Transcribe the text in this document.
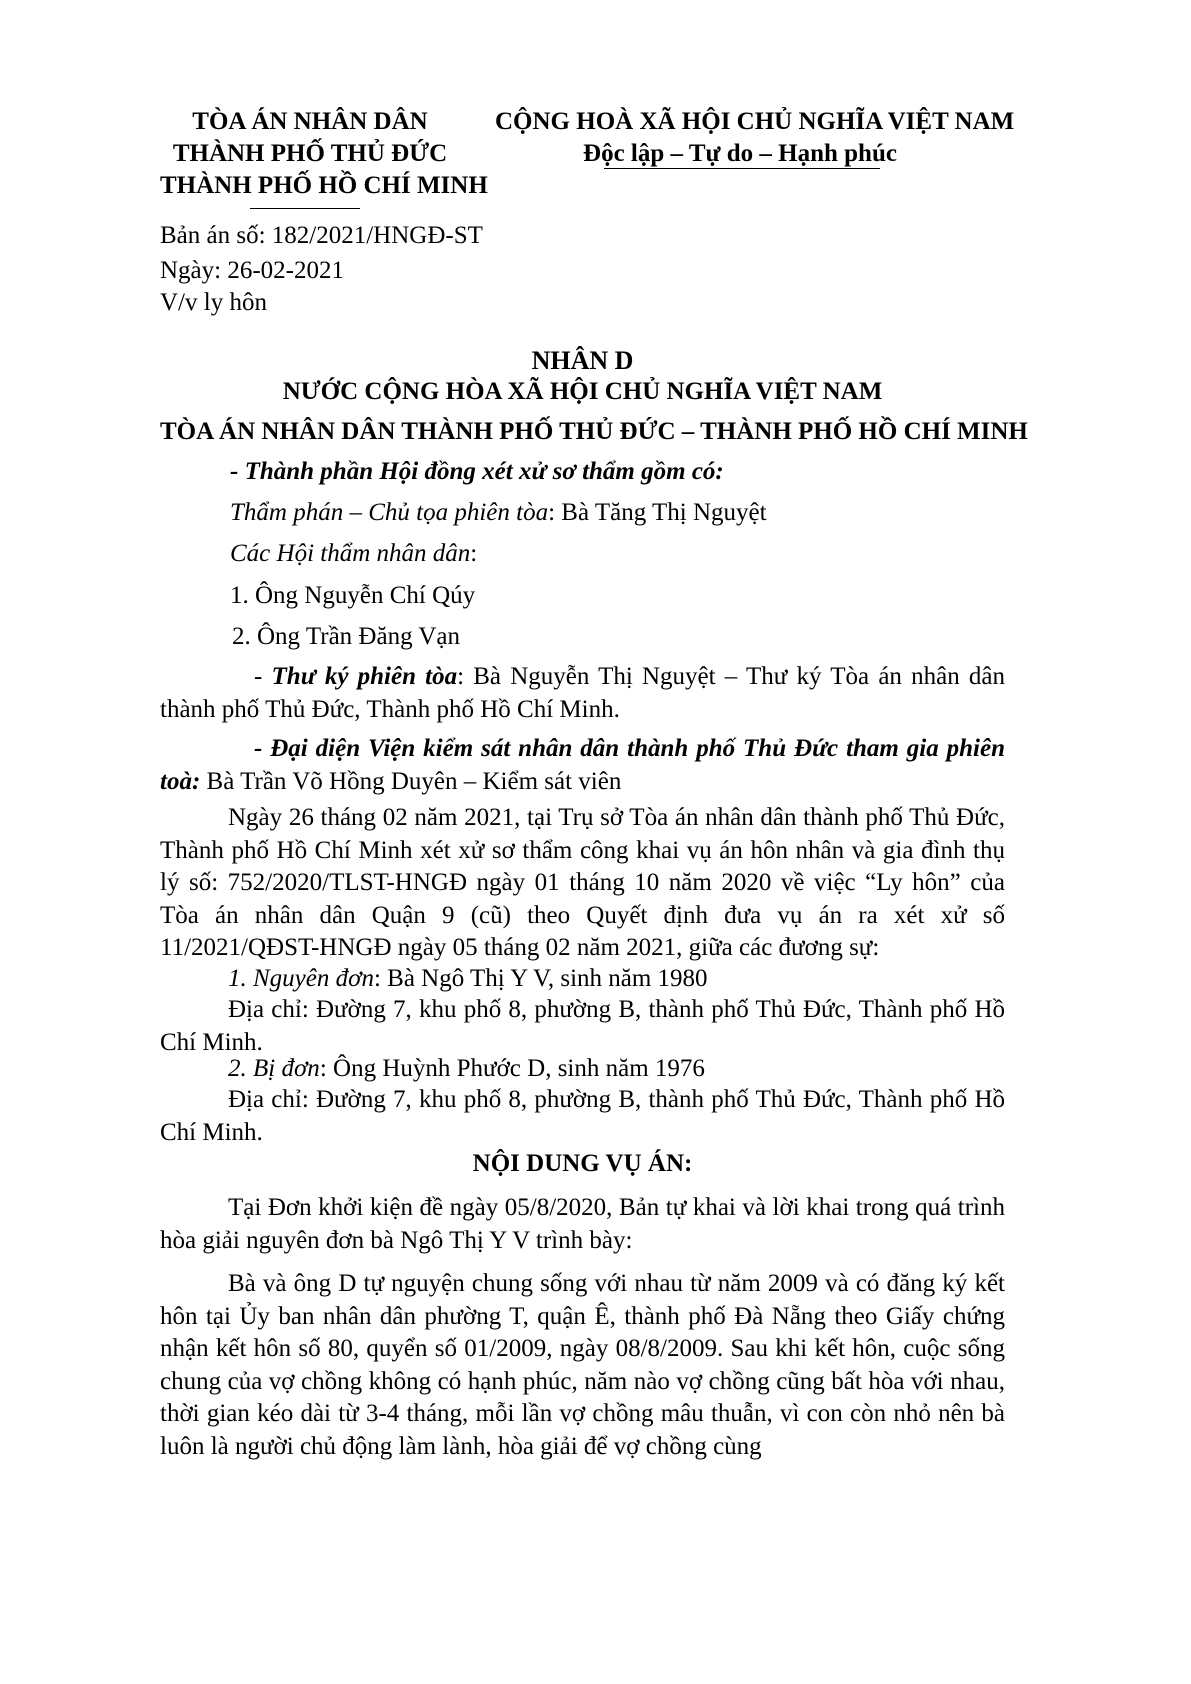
TÒA ÁN NHÂN DÂN
THÀNH PHỐ THỦ ĐỨC
THÀNH PHỐ HỒ CHÍ MINH
CỘNG HOÀ XÃ HỘI CHỦ NGHĨA VIỆT NAM
Độc lập – Tự do – Hạnh phúc
Bản án số: 182/2021/HNGĐ-ST
Ngày: 26-02-2021
V/v ly hôn
NHÂN D
NƯỚC CỘNG HÒA XÃ HỘI CHỦ NGHĨA VIỆT NAM
TÒA ÁN NHÂN DÂN THÀNH PHỐ THỦ ĐỨC – THÀNH PHỐ HỒ CHÍ MINH
- Thành phần Hội đồng xét xử sơ thẩm gồm có:
Thẩm phán – Chủ tọa phiên tòa: Bà Tăng Thị Nguyệt
Các Hội thẩm nhân dân:
1. Ông Nguyễn Chí Qúy
2. Ông Trần Đăng Vạn
- Thư ký phiên tòa: Bà Nguyễn Thị Nguyệt – Thư ký Tòa án nhân dân thành phố Thủ Đức, Thành phố Hồ Chí Minh.
- Đại diện Viện kiểm sát nhân dân thành phố Thủ Đức tham gia phiên toà: Bà Trần Võ Hồng Duyên – Kiểm sát viên

Ngày 26 tháng 02 năm 2021, tại Trụ sở Tòa án nhân dân thành phố Thủ Đức, Thành phố Hồ Chí Minh xét xử sơ thẩm công khai vụ án hôn nhân và gia đình thụ lý số: 752/2020/TLST-HNGĐ ngày 01 tháng 10 năm 2020 về việc “Ly hôn” của Tòa án nhân dân Quận 9 (cũ) theo Quyết định đưa vụ án ra xét xử số 11/2021/QĐST-HNGĐ ngày 05 tháng 02 năm 2021, giữa các đương sự:

1. Nguyên đơn: Bà Ngô Thị Y V, sinh năm 1980

Địa chỉ: Đường 7, khu phố 8, phường B, thành phố Thủ Đức, Thành phố Hồ Chí Minh.

2. Bị đơn: Ông Huỳnh Phước D, sinh năm 1976

Địa chỉ: Đường 7, khu phố 8, phường B, thành phố Thủ Đức, Thành phố Hồ Chí Minh.

NỘI DUNG VỤ ÁN:

Tại Đơn khởi kiện đề ngày 05/8/2020, Bản tự khai và lời khai trong quá trình hòa giải nguyên đơn bà Ngô Thị Y V trình bày:

Bà và ông D tự nguyện chung sống với nhau từ năm 2009 và có đăng ký kết hôn tại Ủy ban nhân dân phường T, quận Ê, thành phố Đà Nẵng theo Giấy chứng nhận kết hôn số 80, quyển số 01/2009, ngày 08/8/2009. Sau khi kết hôn, cuộc sống chung của vợ chồng không có hạnh phúc, năm nào vợ chồng cũng bất hòa với nhau, thời gian kéo dài từ 3-4 tháng, mỗi lần vợ chồng mâu thuẫn, vì con còn nhỏ nên bà luôn là người chủ động làm lành, hòa giải để vợ chồng cùng
